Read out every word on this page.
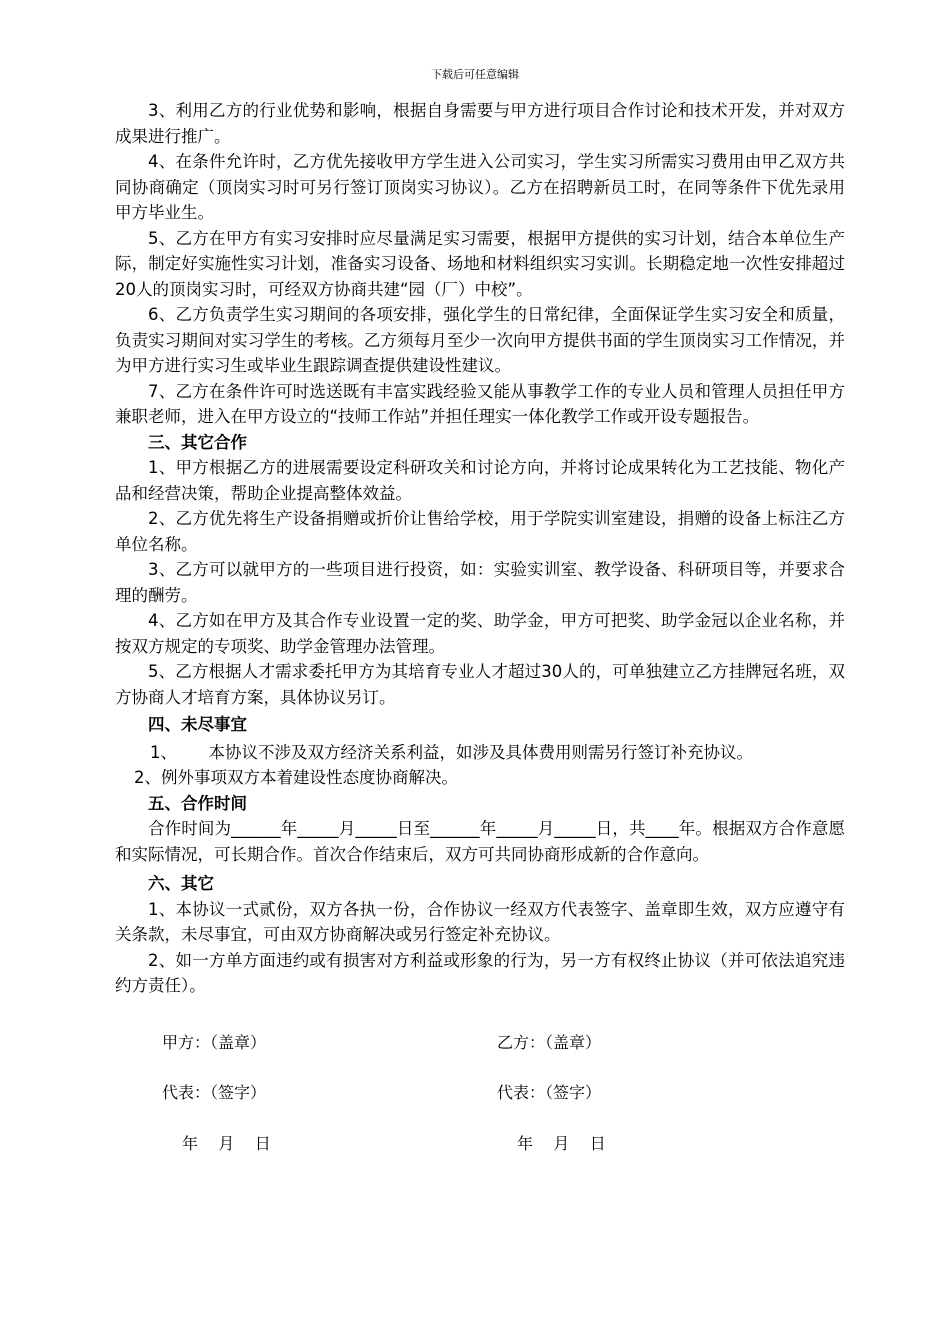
下载后可任意编辑

3、利用乙方的行业优势和影响，根据自身需要与甲方进行项目合作讨论和技术开发，并对双方成果进行推广。

4、在条件允许时，乙方优先接收甲方学生进入公司实习，学生实习所需实习费用由甲乙双方共同协商确定（顶岗实习时可另行签订顶岗实习协议）。乙方在招聘新员工时，在同等条件下优先录用甲方毕业生。

5、乙方在甲方有实习安排时应尽量满足实习需要，根据甲方提供的实习计划，结合本单位生产际，制定好实施性实习计划，准备实习设备、场地和材料组织实习实训。长期稳定地一次性安排超过20人的顶岗实习时，可经双方协商共建“园（厂）中校”。

6、乙方负责学生实习期间的各项安排，强化学生的日常纪律，全面保证学生实习安全和质量，负责实习期间对实习学生的考核。乙方须每月至少一次向甲方提供书面的学生顶岗实习工作情况，并为甲方进行实习生或毕业生跟踪调查提供建设性建议。

7、乙方在条件许可时选送既有丰富实践经验又能从事教学工作的专业人员和管理人员担任甲方兼职老师，进入在甲方设立的“技师工作站”并担任理实一体化教学工作或开设专题报告。

三、其它合作

1、甲方根据乙方的进展需要设定科研攻关和讨论方向，并将讨论成果转化为工艺技能、物化产品和经营决策，帮助企业提高整体效益。

2、乙方优先将生产设备捐赠或折价让售给学校，用于学院实训室建设，捐赠的设备上标注乙方单位名称。

3、乙方可以就甲方的一些项目进行投资，如：实验实训室、教学设备、科研项目等，并要求合理的酬劳。

4、乙方如在甲方及其合作专业设置一定的奖、助学金，甲方可把奖、助学金冠以企业名称，并按双方规定的专项奖、助学金管理办法管理。

5、乙方根据人才需求委托甲方为其培育专业人才超过30人的，可单独建立乙方挂牌冠名班，双方协商人才培育方案，具体协议另订。

四、未尽事宜

1、      本协议不涉及双方经济关系利益，如涉及具体费用则需另行签订补充协议。

2、例外事项双方本着建设性态度协商解决。

五、合作时间

合作时间为______年_____月_____日至______年_____月_____日，共____年。根据双方合作意愿和实际情况，可长期合作。首次合作结束后，双方可共同协商形成新的合作意向。

六、其它

1、本协议一式贰份，双方各执一份，合作协议一经双方代表签字、盖章即生效，双方应遵守有关条款，未尽事宜，可由双方协商解决或另行签定补充协议。

2、如一方单方面违约或有损害对方利益或形象的行为，另一方有权终止协议（并可依法追究违约方责任）。

甲方：（盖章）	乙方：（盖章）
代表：（签字）	代表：（签字）
年    月    日	年    月    日
